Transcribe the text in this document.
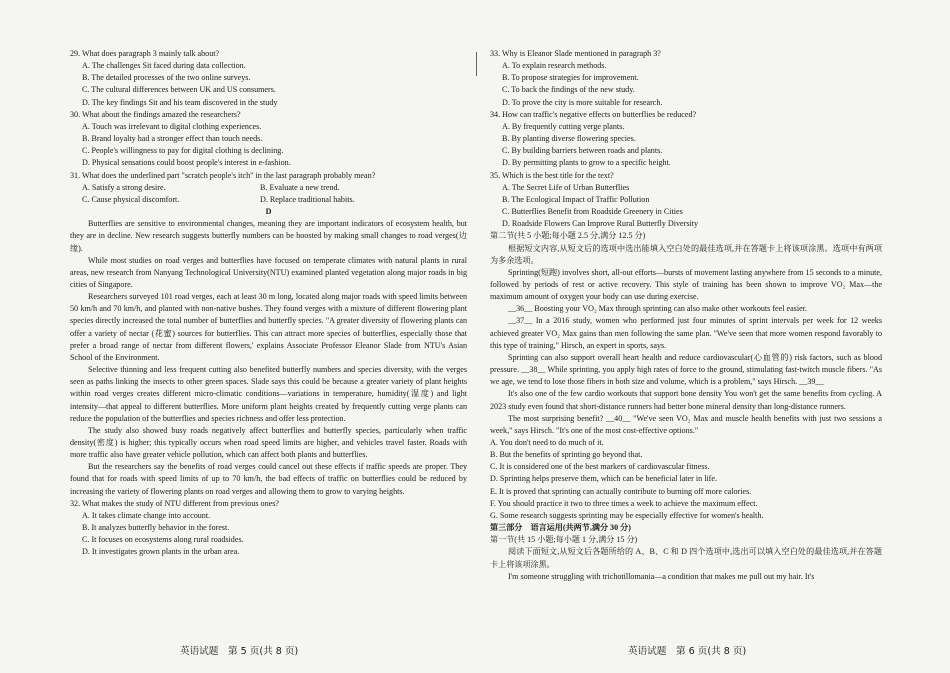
29. What does paragraph 3 mainly talk about?
A. The challenges Sit faced during data collection.
B. The detailed processes of the two online surveys.
C. The cultural differences between UK and US consumers.
D. The key findings Sit and his team discovered in the study
30. What about the findings amazed the researchers?
A. Touch was irrelevant to digital clothing experiences.
B. Brand loyalty had a stronger effect than touch needs.
C. People's willingness to pay for digital clothing is declining.
D. Physical sensations could boost people's interest in e-fashion.
31. What does the underlined part "scratch people's itch" in the last paragraph probably mean?
A. Satisfy a strong desire.	B. Evaluate a new trend.
C. Cause physical discomfort.	D. Replace traditional habits.
D
Butterflies are sensitive to environmental changes, meaning they are important indicators of ecosystem health, but they are in decline. New research suggests butterfly numbers can be boosted by making small changes to road verges(边缘).
While most studies on road verges and butterflies have focused on temperate climates with natural plants in rural areas, new research from Nanyang Technological University(NTU) examined planted vegetation along major roads in big cities of Singapore.
Researchers surveyed 101 road verges, each at least 30 m long, located along major roads with speed limits between 50 km/h and 70 km/h, and planted with non-native bushes. They found verges with a mixture of different flowering plant species directly increased the total number of butterflies and butterfly species. "A greater diversity of flowering plants can offer a variety of nectar (花蜜) sources for butterflies. This can attract more species of butterflies, especially those that prefer a broad range of nectar from different flowers,' explains Associate Professor Eleanor Slade from NTU's Asian School of the Environment.
Selective thinning and less frequent cutting also benefited butterfly numbers and species diversity, with the verges seen as paths linking the insects to other green spaces. Slade says this could be because a greater variety of plant heights within road verges creates different micro-climatic conditions—variations in temperature, humidity(湿度) and light intensity—that appeal to different butterflies. More uniform plant heights created by frequently cutting verge plants can reduce the population of the butterflies and species richness and offer less protection.
The study also showed busy roads negatively affect butterflies and butterfly species, particularly when traffic density(密度) is higher; this typically occurs when road speed limits are higher, and vehicles travel faster. Roads with more traffic also have greater vehicle pollution, which can affect both plants and butterflies.
But the researchers say the benefits of road verges could cancel out these effects if traffic speeds are proper. They found that for roads with speed limits of up to 70 km/h, the bad effects of traffic on butterflies could be reduced by increasing the variety of flowering plants on road verges and allowing them to grow to varying heights.
32. What makes the study of NTU different from previous ones?
A. It takes climate change into account.
B. It analyzes butterfly behavior in the forest.
C. It focuses on ecosystems along rural roadsides.
D. It investigates grown plants in the urban area.
33. Why is Eleanor Slade mentioned in paragraph 3?
A. To explain research methods.
B. To propose strategies for improvement.
C. To back the findings of the new study.
D. To prove the city is more suitable for research.
34. How can traffic's negative effects on butterflies be reduced?
A. By frequently cutting verge plants.
B. By planting diverse flowering species.
C. By building barriers between roads and plants.
D. By permitting plants to grow to a specific height.
35. Which is the best title for the text?
A. The Secret Life of Urban Butterflies
B. The Ecological Impact of Traffic Pollution
C. Butterflies Benefit from Roadside Greenery in Cities
D. Roadside Flowers Can Improve Rural Butterfly Diversity
第二节(共 5 小题;每小题 2.5 分,满分 12.5 分)
根据短文内容,从短文后的选项中选出能填入空白处的最佳选项,并在答题卡上将该项涂黑。选项中有两项为多余选项。
Sprinting(短跑) involves short, all-out efforts—bursts of movement lasting anywhere from 15 seconds to a minute, followed by periods of rest or active recovery. This style of training has been shown to improve VO₂ Max—the maximum amount of oxygen your body can use during exercise.
__36__ Boosting your VO₂ Max through sprinting can also make other workouts feel easier.
__37__ In a 2016 study, women who performed just four minutes of sprint intervals per week for 12 weeks achieved greater VO₂ Max gains than men following the same plan. "We've seen that more women respond favorably to this type of training," Hirsch, an expert in sports, says.
Sprinting can also support overall heart health and reduce cardiovascular(心血管的) risk factors, such as blood pressure. __38__ While sprinting, you apply high rates of force to the ground, stimulating fast-twitch muscle fibers. "As we age, we tend to lose those fibers in both size and volume, which is a problem," says Hirsch. __39__
It's also one of the few cardio workouts that support bone density You won't get the same benefits from cycling. A 2023 study even found that short-distance runners had better bone mineral density than long-distance runners.
The most surprising benefit? __40__ "We've seen VO₂ Max and muscle health benefits with just two sessions a week," says Hirsch. "It's one of the most cost-effective options."
A. You don't need to do much of it.
B. But the benefits of sprinting go beyond that.
C. It is considered one of the best markers of cardiovascular fitness.
D. Sprinting helps preserve them, which can be beneficial later in life.
E. It is proved that sprinting can actually contribute to burning off more calories.
F. You should practice it two to three times a week to achieve the maximum effect.
G. Some research suggests sprinting may be especially effective for women's health.
第三部分　语言运用(共两节,满分 30 分)
第一节(共 15 小题;每小题 1 分,满分 15 分)
阅读下面短文,从短文后各题所给的 A、B、C 和 D 四个选项中,选出可以填入空白处的最佳选项,并在答题卡上将该项涂黑。
I'm someone struggling with trichotillomania—a condition that makes me pull out my hair. It's
英语试题　第 5 页(共 8 页)	英语试题　第 6 页(共 8 页)
